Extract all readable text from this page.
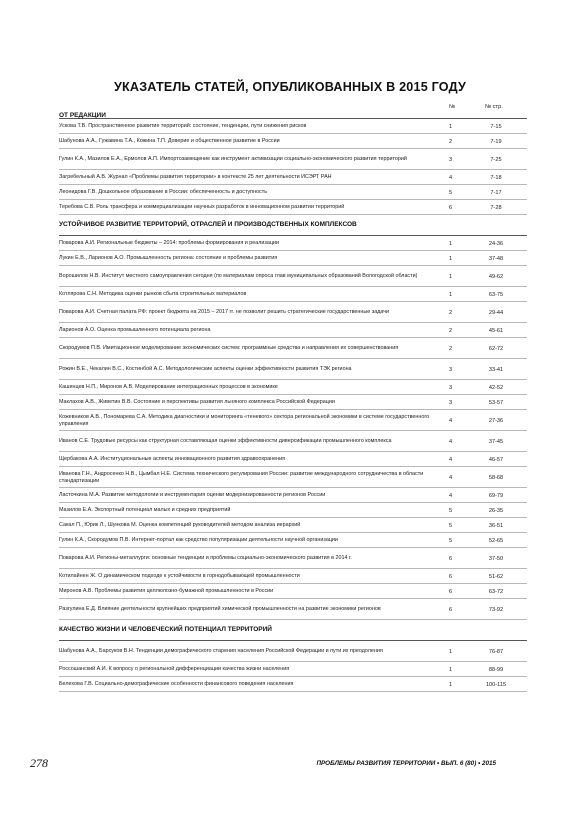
УКАЗАТЕЛЬ СТАТЕЙ, ОПУБЛИКОВАННЫХ В 2015 ГОДУ
ОТ РЕДАКЦИИ
№	№ стр.
Ускова Т.В. Пространственное развитие территорий: состояние, тенденции, пути снижения рисков	1	7-15
Шабунова А.А., Гужавина Т.А., Кожина Т.П. Доверие и общественное развитие в России	2	7-19
Гулин К.А., Мазилов Е.А., Ермолов А.П. Импортозамещение как инструмент активизации социально-экономического развития территорий	3	7-25
Загребельный А.В. Журнал «Проблемы развития территории» в контексте 25 лет деятельности ИСЭРТ РАН	4	7-18
Леонидова Г.В. Дошкольное образование в России: обеспеченность и доступность	5	7-17
Теребова С.В. Роль трансфера и коммерциализации научных разработок в инновационном развитии территорий	6	7-28
УСТОЙЧИВОЕ РАЗВИТИЕ ТЕРРИТОРИЙ, ОТРАСЛЕЙ И ПРОИЗВОДСТВЕННЫХ КОМПЛЕКСОВ
Поварова А.И. Региональные бюджеты – 2014: проблемы формирования и реализации	1	24-36
Лукин Е.В., Ларионов А.О. Промышленность региона: состояние и проблемы развития	1	37-48
Ворошилов Н.В. Институт местного самоуправления сегодня (по материалам опроса глав муниципальных образований Вологодской области)	1	49-62
Котлярова С.Н. Методика оценки рынков сбыта строительных материалов	1	63-75
Поварова А.И. Счетная палата РФ: проект бюджета на 2015 – 2017 гг. не позволит решить стратегические государственные задачи	2	29-44
Ларионов А.О. Оценка промышленного потенциала региона	2	45-61
Скородумов П.В. Имитационное моделирование экономических систем: программные средства и направления их совершенствования	2	62-72
Рожин В.Е., Чекалин В.С., Костинбой А.С. Методологические аспекты оценки эффективности развития ТЭК региона	3	33-41
Кашинцев Н.П., Миронов А.В. Моделирование интеграционных процессов в экономике	3	42-52
Маклахов А.В., Живетин В.В. Состояние и перспективы развития льняного комплекса Российской Федерации	3	53-57
Кожевников А.В., Пономарева С.А. Методика диагностики и мониторинга «теневого» сектора региональной экономики в системе государственного управления	4	27-36
Иванов С.Е. Трудовые ресурсы как структурная составляющая оценки эффективности диверсификации промышленного комплекса	4	37-45
Щербакова А.А. Институциональные аспекты инновационного развития здравоохранения	4	46-57
Иванова Г.Н., Андросенко Н.В., Цымбал Н.Е. Система технического регулирования России: развитие международного сотрудничества в области стандартизации	4	58-68
Ласточкина М.А. Развитие методологии и инструментария оценки модернизированности регионов России	4	69-79
Мазилов Е.А. Экспортный потенциал малых и средних предприятий	5	26-35
Сакал П., Юрик Л., Шункова М. Оценка компетенций руководителей методом анализа иерархий	5	36-51
Гулин К.А., Скородумов П.В. Интернет-портал как средство популяризации деятельности научной организации	5	52-65
Поварова А.И. Регионы-металлурги: основные тенденции и проблемы социально-экономического развития в 2014 г.	6	37-50
Котилайнен Ж. О динамическом подходе к устойчивости в горнодобывающей промышленности	6	51-62
Миронов А.В. Проблемы развития целлюлозно-бумажной промышленности в России	6	63-72
Разгулина Е.Д. Влияние деятельности крупнейших предприятий химической промышленности на развитие экономики регионов	6	73-92
КАЧЕСТВО ЖИЗНИ И ЧЕЛОВЕЧЕСКИЙ ПОТЕНЦИАЛ ТЕРРИТОРИЙ
Шабунова А.А., Барсуков В.Н. Тенденции демографического старения населения Российской Федерации и пути их преодоления	1	76-87
Россошанский А.И. К вопросу о региональной дифференциации качества жизни населения	1	88-99
Белехова Г.В. Социально-демографические особенности финансового поведения населения	1	100-115
278	ПРОБЛЕМЫ РАЗВИТИЯ ТЕРРИТОРИИ • ВЫП. 6 (80) • 2015
